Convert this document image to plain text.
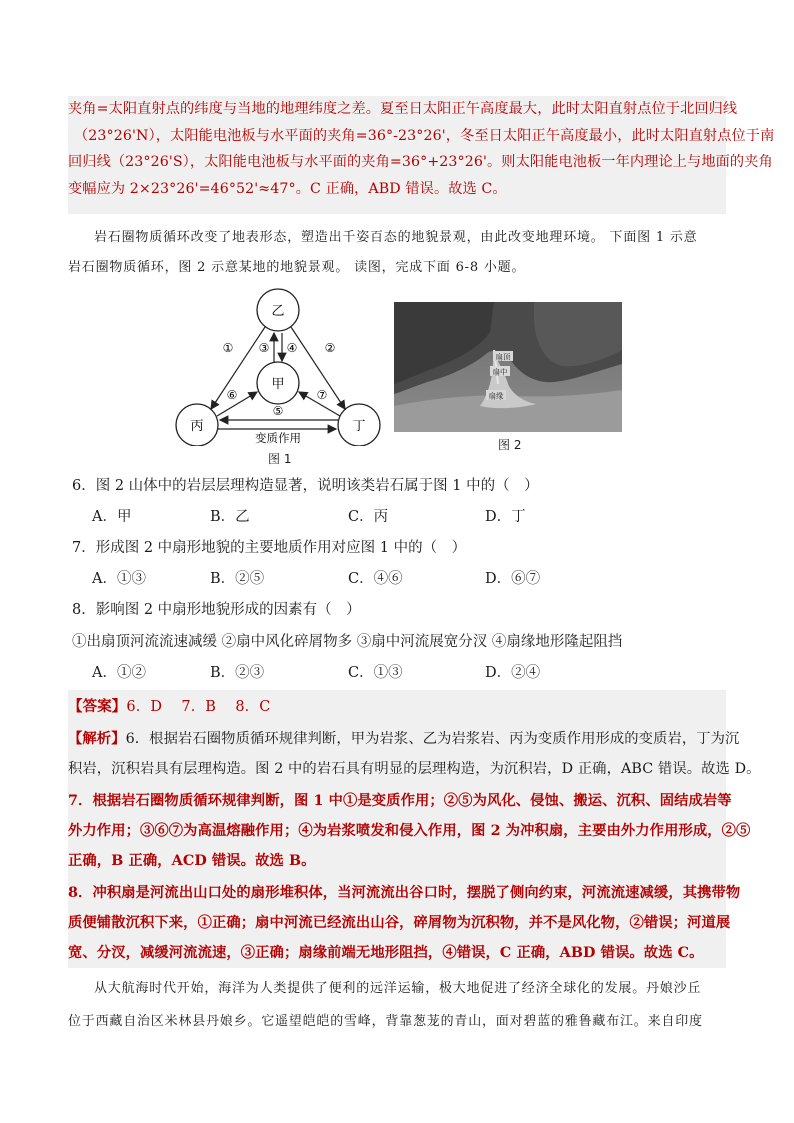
夹角=太阳直射点的纬度与当地的地理纬度之差。夏至日太阳正午高度最大，此时太阳直射点位于北回归线
（23°26'N），太阳能电池板与水平面的夹角=36°-23°26'，冬至日太阳正午高度最小，此时太阳直射点位于南
回归线（23°26'S），太阳能电池板与水平面的夹角=36°+23°26'。则太阳能电池板一年内理论上与地面的夹角
变幅应为 2×23°26'=46°52'≈47°。C 正确，ABD 错误。故选 C。
岩石圈物质循环改变了地表形态，塑造出千姿百态的地貌景观，由此改变地理环境。 下面图 1 示意
岩石圈物质循环，图 2 示意某地的地貌景观。 读图，完成下面 6-8 小题。
乙
甲
丙	丁
①	②
③ ④
⑥	⑦
⑤
变质作用
图 1
扇顶
扇中
扇缘
图 2
6．图 2 山体中的岩层层理构造显著，说明该类岩石属于图 1 中的（　）
A．甲	B．乙	C．丙	D．丁
7．形成图 2 中扇形地貌的主要地质作用对应图 1 中的（　）
A．①③	B．②⑤	C．④⑥	D．⑥⑦
8．影响图 2 中扇形地貌形成的因素有（　）
①出扇顶河流流速减缓 ②扇中风化碎屑物多 ③扇中河流展宽分汊 ④扇缘地形隆起阻挡
A．①②	B．②③	C．①③	D．②④
【答案】6．D　 7．B　 8．C
【解析】6．根据岩石圈物质循环规律判断，甲为岩浆、乙为岩浆岩、丙为变质作用形成的变质岩，丁为沉
积岩，沉积岩具有层理构造。图 2 中的岩石具有明显的层理构造，为沉积岩，D 正确，ABC 错误。故选 D。
7．根据岩石圈物质循环规律判断，图 1 中①是变质作用；②⑤为风化、侵蚀、搬运、沉积、固结成岩等
外力作用；③⑥⑦为高温熔融作用；④为岩浆喷发和侵入作用，图 2 为冲积扇，主要由外力作用形成，②⑤
正确，B 正确，ACD 错误。故选 B。
8．冲积扇是河流出山口处的扇形堆积体，当河流流出谷口时，摆脱了侧向约束，河流流速减缓，其携带物
质便铺散沉积下来，①正确；扇中河流已经流出山谷，碎屑物为沉积物，并不是风化物，②错误；河道展
宽、分汊，减缓河流流速，③正确；扇缘前端无地形阻挡，④错误，C 正确，ABD 错误。故选 C。
从大航海时代开始，海洋为人类提供了便利的远洋运输，极大地促进了经济全球化的发展。丹娘沙丘
位于西藏自治区米林县丹娘乡。它遥望皑皑的雪峰，背靠葱茏的青山，面对碧蓝的雅鲁藏布江。来自印度
